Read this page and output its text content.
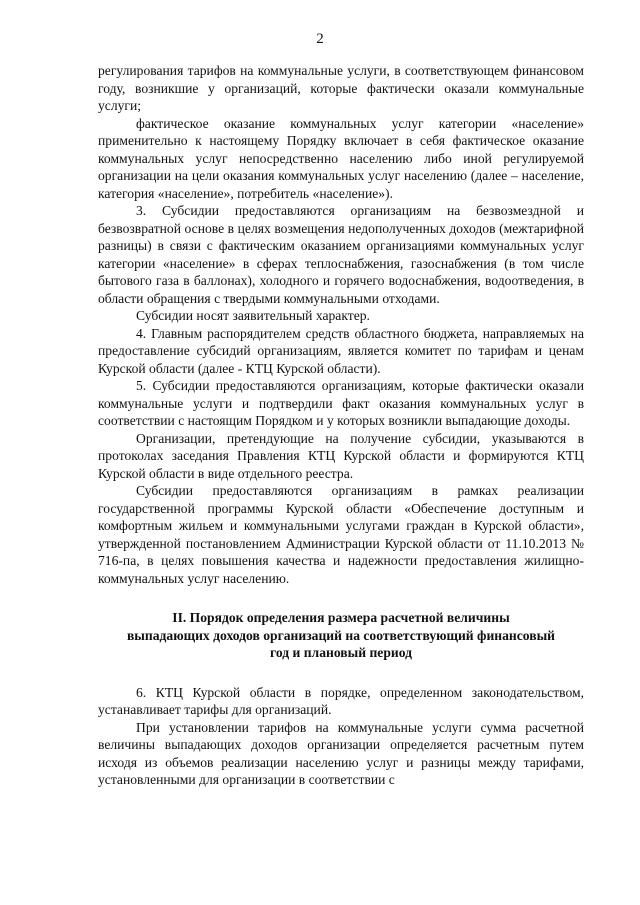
2

регулирования тарифов на коммунальные услуги, в соответствующем финансовом году, возникшие у организаций, которые фактически оказали коммунальные услуги;

фактическое оказание коммунальных услуг категории «население» применительно к настоящему Порядку включает в себя фактическое оказание коммунальных услуг непосредственно населению либо иной регулируемой организации на цели оказания коммунальных услуг населению (далее – население, категория «население», потребитель «население»).

3. Субсидии предоставляются организациям на безвозмездной и безвозвратной основе в целях возмещения недополученных доходов (межтарифной разницы) в связи с фактическим оказанием организациями коммунальных услуг категории «население» в сферах теплоснабжения, газоснабжения (в том числе бытового газа в баллонах), холодного и горячего водоснабжения, водоотведения, в области обращения с твердыми коммунальными отходами.

Субсидии носят заявительный характер.

4. Главным распорядителем средств областного бюджета, направляемых на предоставление субсидий организациям, является комитет по тарифам и ценам Курской области (далее - КТЦ Курской области).

5. Субсидии предоставляются организациям, которые фактически оказали коммунальные услуги и подтвердили факт оказания коммунальных услуг в соответствии с настоящим Порядком и у которых возникли выпадающие доходы.

Организации, претендующие на получение субсидии, указываются в протоколах заседания Правления КТЦ Курской области и формируются КТЦ Курской области в виде отдельного реестра.

Субсидии предоставляются организациям в рамках реализации государственной программы Курской области «Обеспечение доступным и комфортным жильем и коммунальными услугами граждан в Курской области», утвержденной постановлением Администрации Курской области от 11.10.2013 № 716-па, в целях повышения качества и надежности предоставления жилищно-коммунальных услуг населению.

II. Порядок определения размера расчетной величины
выпадающих доходов организаций на соответствующий финансовый
год и плановый период

6. КТЦ Курской области в порядке, определенном законодательством, устанавливает тарифы для организаций.

При установлении тарифов на коммунальные услуги сумма расчетной величины выпадающих доходов организации определяется расчетным путем исходя из объемов реализации населению услуг и разницы между тарифами, установленными для организации в соответствии с
